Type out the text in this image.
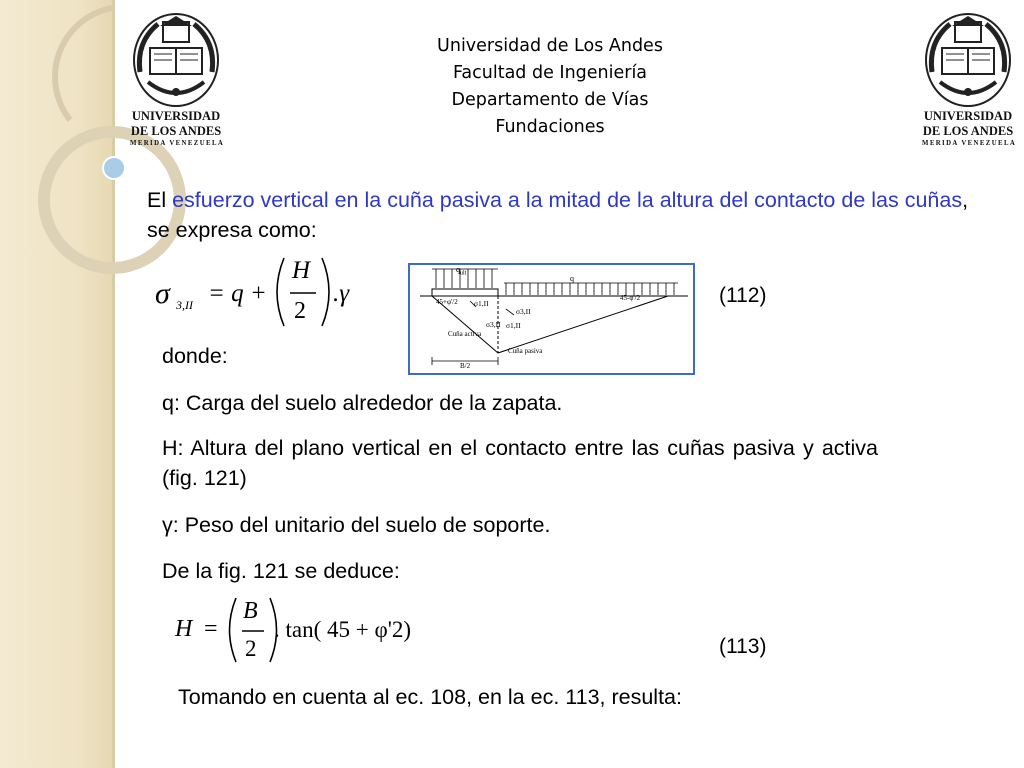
UNIVERSIDAD
DE LOS ANDES
MERIDA VENEZUELA
UNIVERSIDAD
DE LOS ANDES
MERIDA VENEZUELA
Universidad de Los Andes
Facultad de Ingeniería
Departamento de Vías
Fundaciones
El esfuerzo vertical en la cuña pasiva a la mitad de la altura del contacto de las cuñas, se expresa como:
σ 3,II = q +
H
2
.γ	(112)
$q_{ult}$
q
45+φ'/2	45-φ'/2
σ1,II
σ3,II
σ3,II σ1,II
Cuña activa
Cuña pasiva
B/2
donde:
q: Carga del suelo alrededor de la zapata.
H: Altura del plano vertical en el contacto entre las cuñas pasiva y activa (fig. 121)
γ: Peso del unitario del suelo de soporte.
De la fig. 121 se deduce:
H =
B
2
. tan( 45 + φ'2)
(113)
Tomando en cuenta al ec. 108, en la ec. 113, resulta:
